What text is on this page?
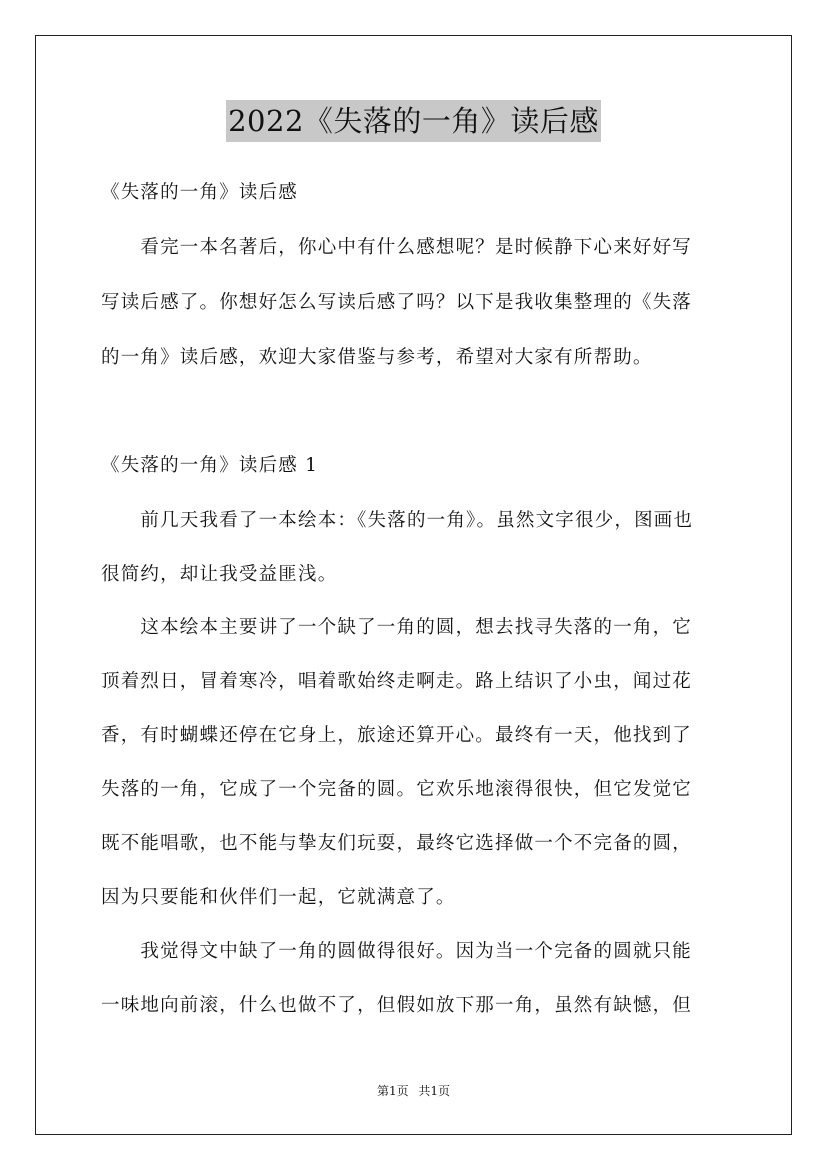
2022《失落的一角》读后感
《失落的一角》读后感
　　看完一本名著后，你心中有什么感想呢？是时候静下心来好好写
写读后感了。你想好怎么写读后感了吗？以下是我收集整理的《失落
的一角》读后感，欢迎大家借鉴与参考，希望对大家有所帮助。
《失落的一角》读后感 1
　　前几天我看了一本绘本：《失落的一角》。虽然文字很少，图画也
很简约，却让我受益匪浅。
　　这本绘本主要讲了一个缺了一角的圆，想去找寻失落的一角，它
顶着烈日，冒着寒冷，唱着歌始终走啊走。路上结识了小虫，闻过花
香，有时蝴蝶还停在它身上，旅途还算开心。最终有一天，他找到了
失落的一角，它成了一个完备的圆。它欢乐地滚得很快，但它发觉它
既不能唱歌，也不能与挚友们玩耍，最终它选择做一个不完备的圆，
因为只要能和伙伴们一起，它就满意了。
　　我觉得文中缺了一角的圆做得很好。因为当一个完备的圆就只能
一味地向前滚，什么也做不了，但假如放下那一角，虽然有缺憾，但
第1页 共1页
